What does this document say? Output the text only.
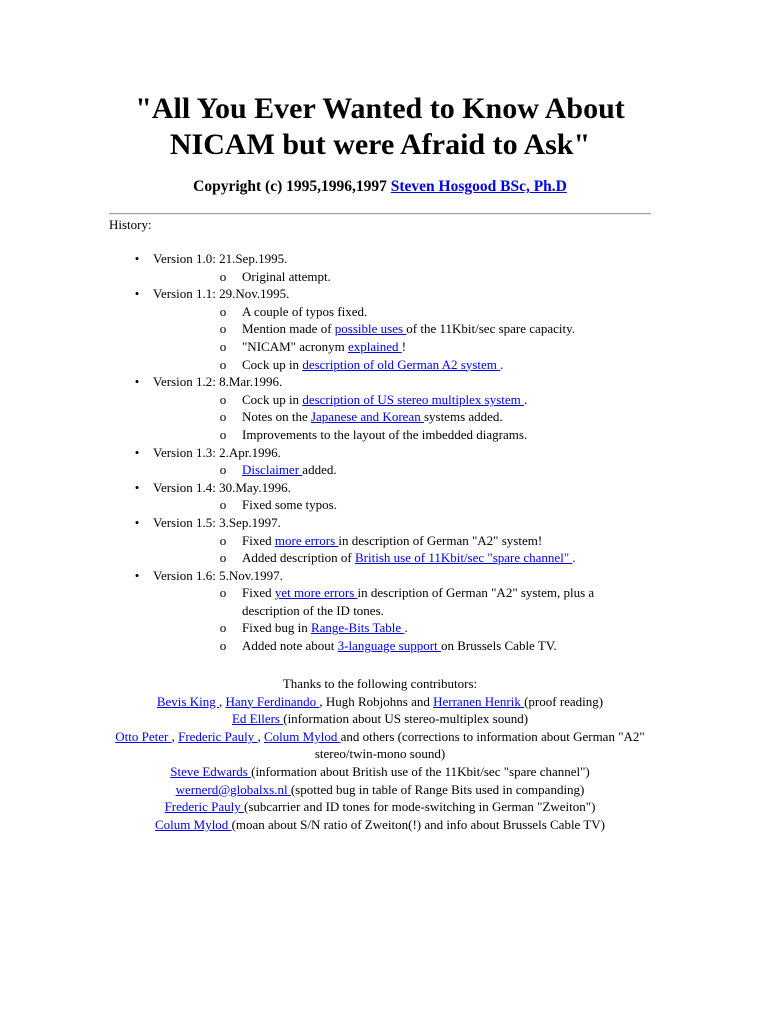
"All You Ever Wanted to Know About NICAM but were Afraid to Ask"

Copyright (c) 1995,1996,1997 Steven Hosgood BSc, Ph.D

History:
• Version 1.0: 21.Sep.1995.
o Original attempt.
• Version 1.1: 29.Nov.1995.
o A couple of typos fixed.
o Mention made of possible uses of the 11Kbit/sec spare capacity.
o "NICAM" acronym explained !
o Cock up in description of old German A2 system .
• Version 1.2: 8.Mar.1996.
o Cock up in description of US stereo multiplex system .
o Notes on the Japanese and Korean systems added.
o Improvements to the layout of the imbedded diagrams.
• Version 1.3: 2.Apr.1996.
o Disclaimer added.
• Version 1.4: 30.May.1996.
o Fixed some typos.
• Version 1.5: 3.Sep.1997.
o Fixed more errors in description of German "A2" system!
o Added description of British use of 11Kbit/sec "spare channel" .
• Version 1.6: 5.Nov.1997.
o Fixed yet more errors in description of German "A2" system, plus a description of the ID tones.
o Fixed bug in Range-Bits Table .
o Added note about 3-language support on Brussels Cable TV.
Thanks to the following contributors:
Bevis King , Hany Ferdinando , Hugh Robjohns and Herranen Henrik (proof reading)
Ed Ellers (information about US stereo-multiplex sound)
Otto Peter , Frederic Pauly , Colum Mylod and others (corrections to information about German "A2" stereo/twin-mono sound)
Steve Edwards (information about British use of the 11Kbit/sec "spare channel")
wernerd@globalxs.nl (spotted bug in table of Range Bits used in companding)
Frederic Pauly (subcarrier and ID tones for mode-switching in German "Zweiton")
Colum Mylod (moan about S/N ratio of Zweiton(!) and info about Brussels Cable TV)
